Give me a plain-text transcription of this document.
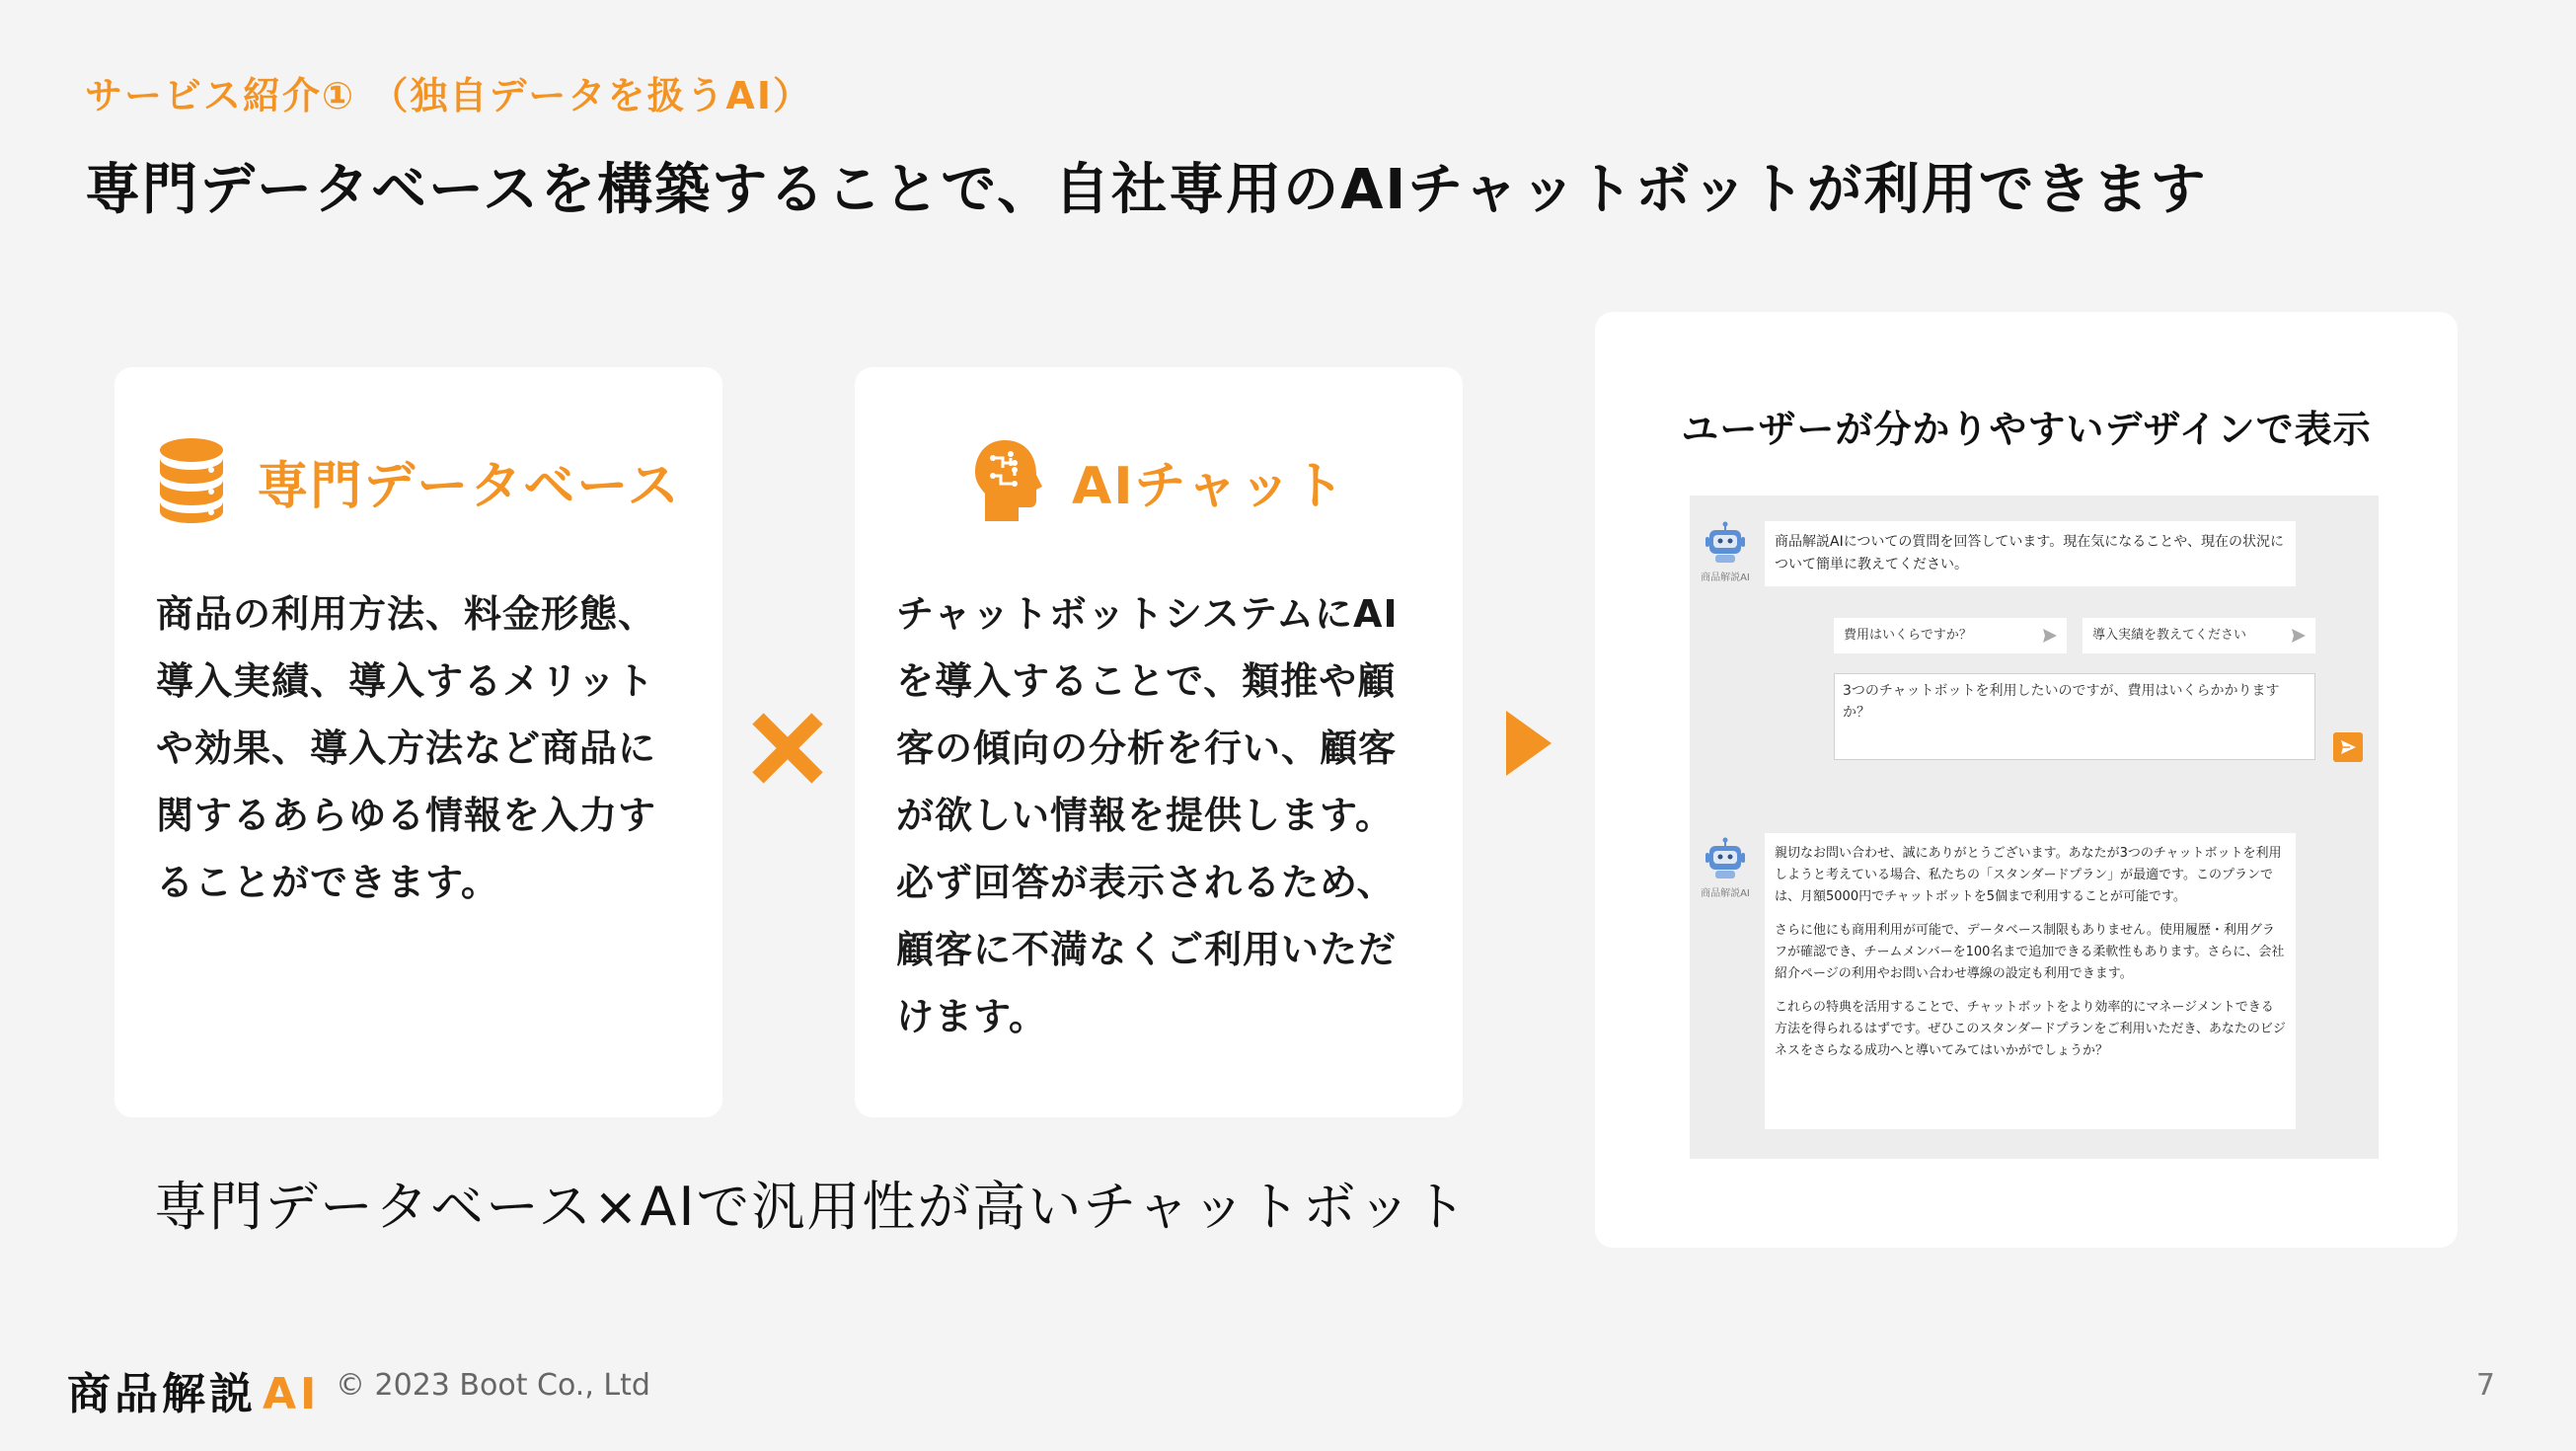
サービス紹介① （独自データを扱うAI）
専門データベースを構築することで、自社専用のAIチャットボットが利用できます
専門データベース
商品の利用方法、料金形態、導入実績、導入するメリットや効果、導入方法など商品に関するあらゆる情報を入力することができます。
AIチャット
チャットボットシステムにAIを導入することで、類推や顧客の傾向の分析を行い、顧客が欲しい情報を提供します。必ず回答が表示されるため、顧客に不満なくご利用いただけます。
専門データベース×AIで汎用性が高いチャットボット
ユーザーが分かりやすいデザインで表示
商品解説AI
商品解説AIについての質問を回答しています。現在気になることや、現在の状況について簡単に教えてください。
費用はいくらですか？	導入実績を教えてください
3つのチャットボットを利用したいのですが、費用はいくらかかりますか？
商品解説AI
親切なお問い合わせ、誠にありがとうございます。あなたが3つのチャットボットを利用しようと考えている場合、私たちの「スタンダードプラン」が最適です。このプランでは、月額5000円でチャットボットを5個まで利用することが可能です。
さらに他にも商用利用が可能で、データベース制限もありません。使用履歴・利用グラフが確認でき、チームメンバーを100名まで追加できる柔軟性もあります。さらに、会社紹介ページの利用やお問い合わせ導線の設定も利用できます。
これらの特典を活用することで、チャットボットをより効率的にマネージメントできる方法を得られるはずです。ぜひこのスタンダードプランをご利用いただき、あなたのビジネスをさらなる成功へと導いてみてはいかがでしょうか？
商品解説 AI © 2023 Boot Co., Ltd	7
